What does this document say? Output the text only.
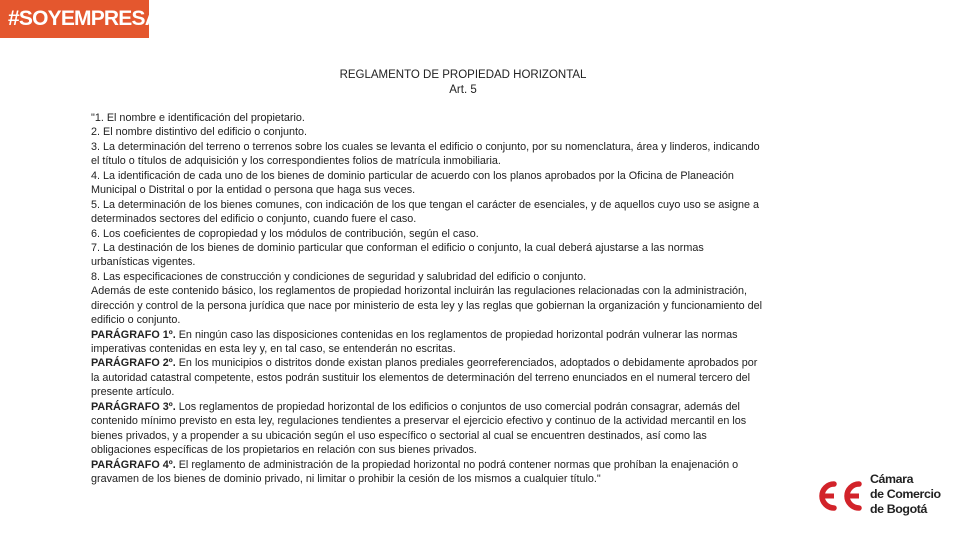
#SOYEMPRESARIO
REGLAMENTO DE PROPIEDAD HORIZONTAL
Art. 5
"1. El nombre e identificación del propietario.
2. El nombre distintivo del edificio o conjunto.
3. La determinación del terreno o terrenos sobre los cuales se levanta el edificio o conjunto, por su nomenclatura, área y linderos, indicando
el título o títulos de adquisición y los correspondientes folios de matrícula inmobiliaria.
4. La identificación de cada uno de los bienes de dominio particular de acuerdo con los planos aprobados por la Oficina de Planeación
Municipal o Distrital o por la entidad o persona que haga sus veces.
5. La determinación de los bienes comunes, con indicación de los que tengan el carácter de esenciales, y de aquellos cuyo uso se asigne a
determinados sectores del edificio o conjunto, cuando fuere el caso.
6. Los coeficientes de copropiedad y los módulos de contribución, según el caso.
7. La destinación de los bienes de dominio particular que conforman el edificio o conjunto, la cual deberá ajustarse a las normas
urbanísticas vigentes.
8. Las especificaciones de construcción y condiciones de seguridad y salubridad del edificio o conjunto.
Además de este contenido básico, los reglamentos de propiedad horizontal incluirán las regulaciones relacionadas con la administración,
dirección y control de la persona jurídica que nace por ministerio de esta ley y las reglas que gobiernan la organización y funcionamiento del
edificio o conjunto.
PARÁGRAFO 1º. En ningún caso las disposiciones contenidas en los reglamentos de propiedad horizontal podrán vulnerar las normas
imperativas contenidas en esta ley y, en tal caso, se entenderán no escritas.
PARÁGRAFO 2º. En los municipios o distritos donde existan planos prediales georreferenciados, adoptados o debidamente aprobados por
la autoridad catastral competente, estos podrán sustituir los elementos de determinación del terreno enunciados en el numeral tercero del
presente artículo.
PARÁGRAFO 3º. Los reglamentos de propiedad horizontal de los edificios o conjuntos de uso comercial podrán consagrar, además del
contenido mínimo previsto en esta ley, regulaciones tendientes a preservar el ejercicio efectivo y continuo de la actividad mercantil en los
bienes privados, y a propender a su ubicación según el uso específico o sectorial al cual se encuentren destinados, así como las
obligaciones específicas de los propietarios en relación con sus bienes privados.
PARÁGRAFO 4º. El reglamento de administración de la propiedad horizontal no podrá contener normas que prohíban la enajenación o
gravamen de los bienes de dominio privado, ni limitar o prohibir la cesión de los mismos a cualquier título."	Cámara
de Comercio
de Bogotá
